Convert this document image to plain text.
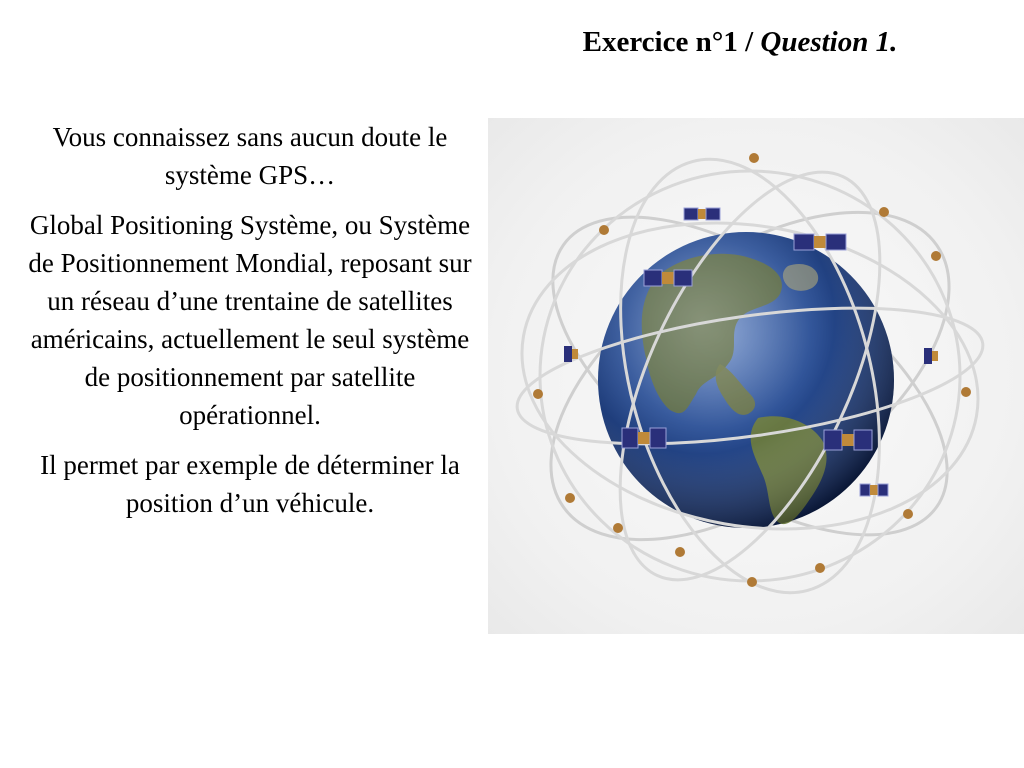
Exercice n°1 / Question 1.

Vous connaissez sans aucun doute le système GPS…

Global Positioning Système, ou Système de Positionnement Mondial, reposant sur un réseau d’une trentaine de satellites américains, actuellement le seul système de positionnement par satellite opérationnel.

Il permet par exemple de déterminer la position d’un véhicule.
